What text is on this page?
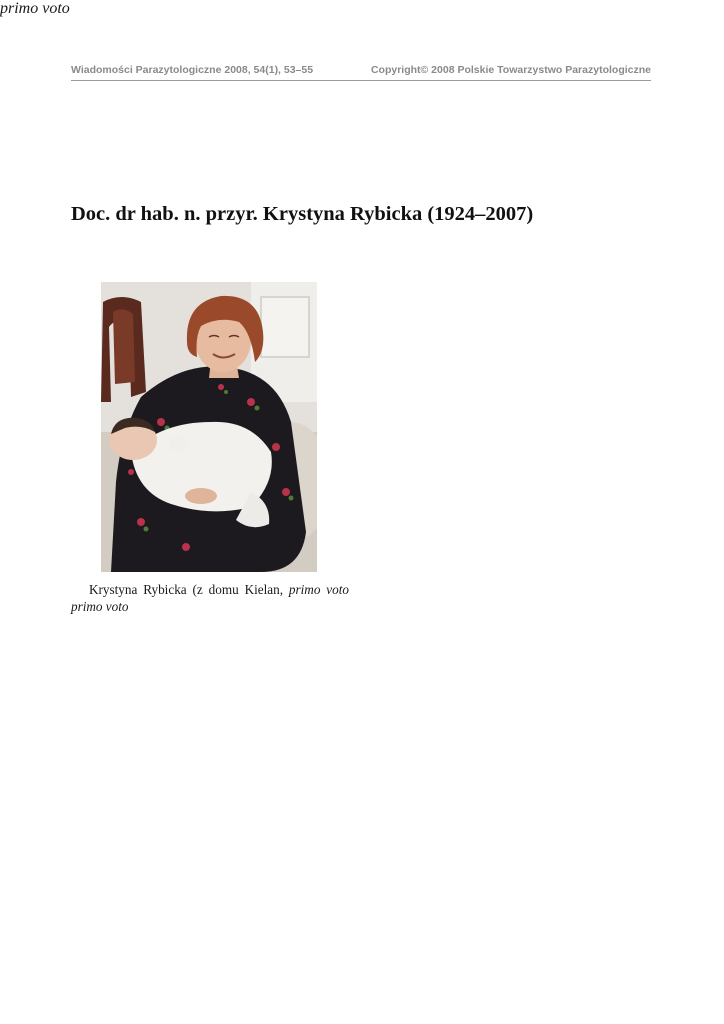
Wiadomości Parazytologiczne 2008, 54(1), 53–55	Copyright© 2008 Polskie Towarzystwo Parazytologiczne
Doc. dr hab. n. przyr. Krystyna Rybicka (1924–2007)
Krystyna Rybicka (z domu Kielan, primo voto
primo voto
primo voto
